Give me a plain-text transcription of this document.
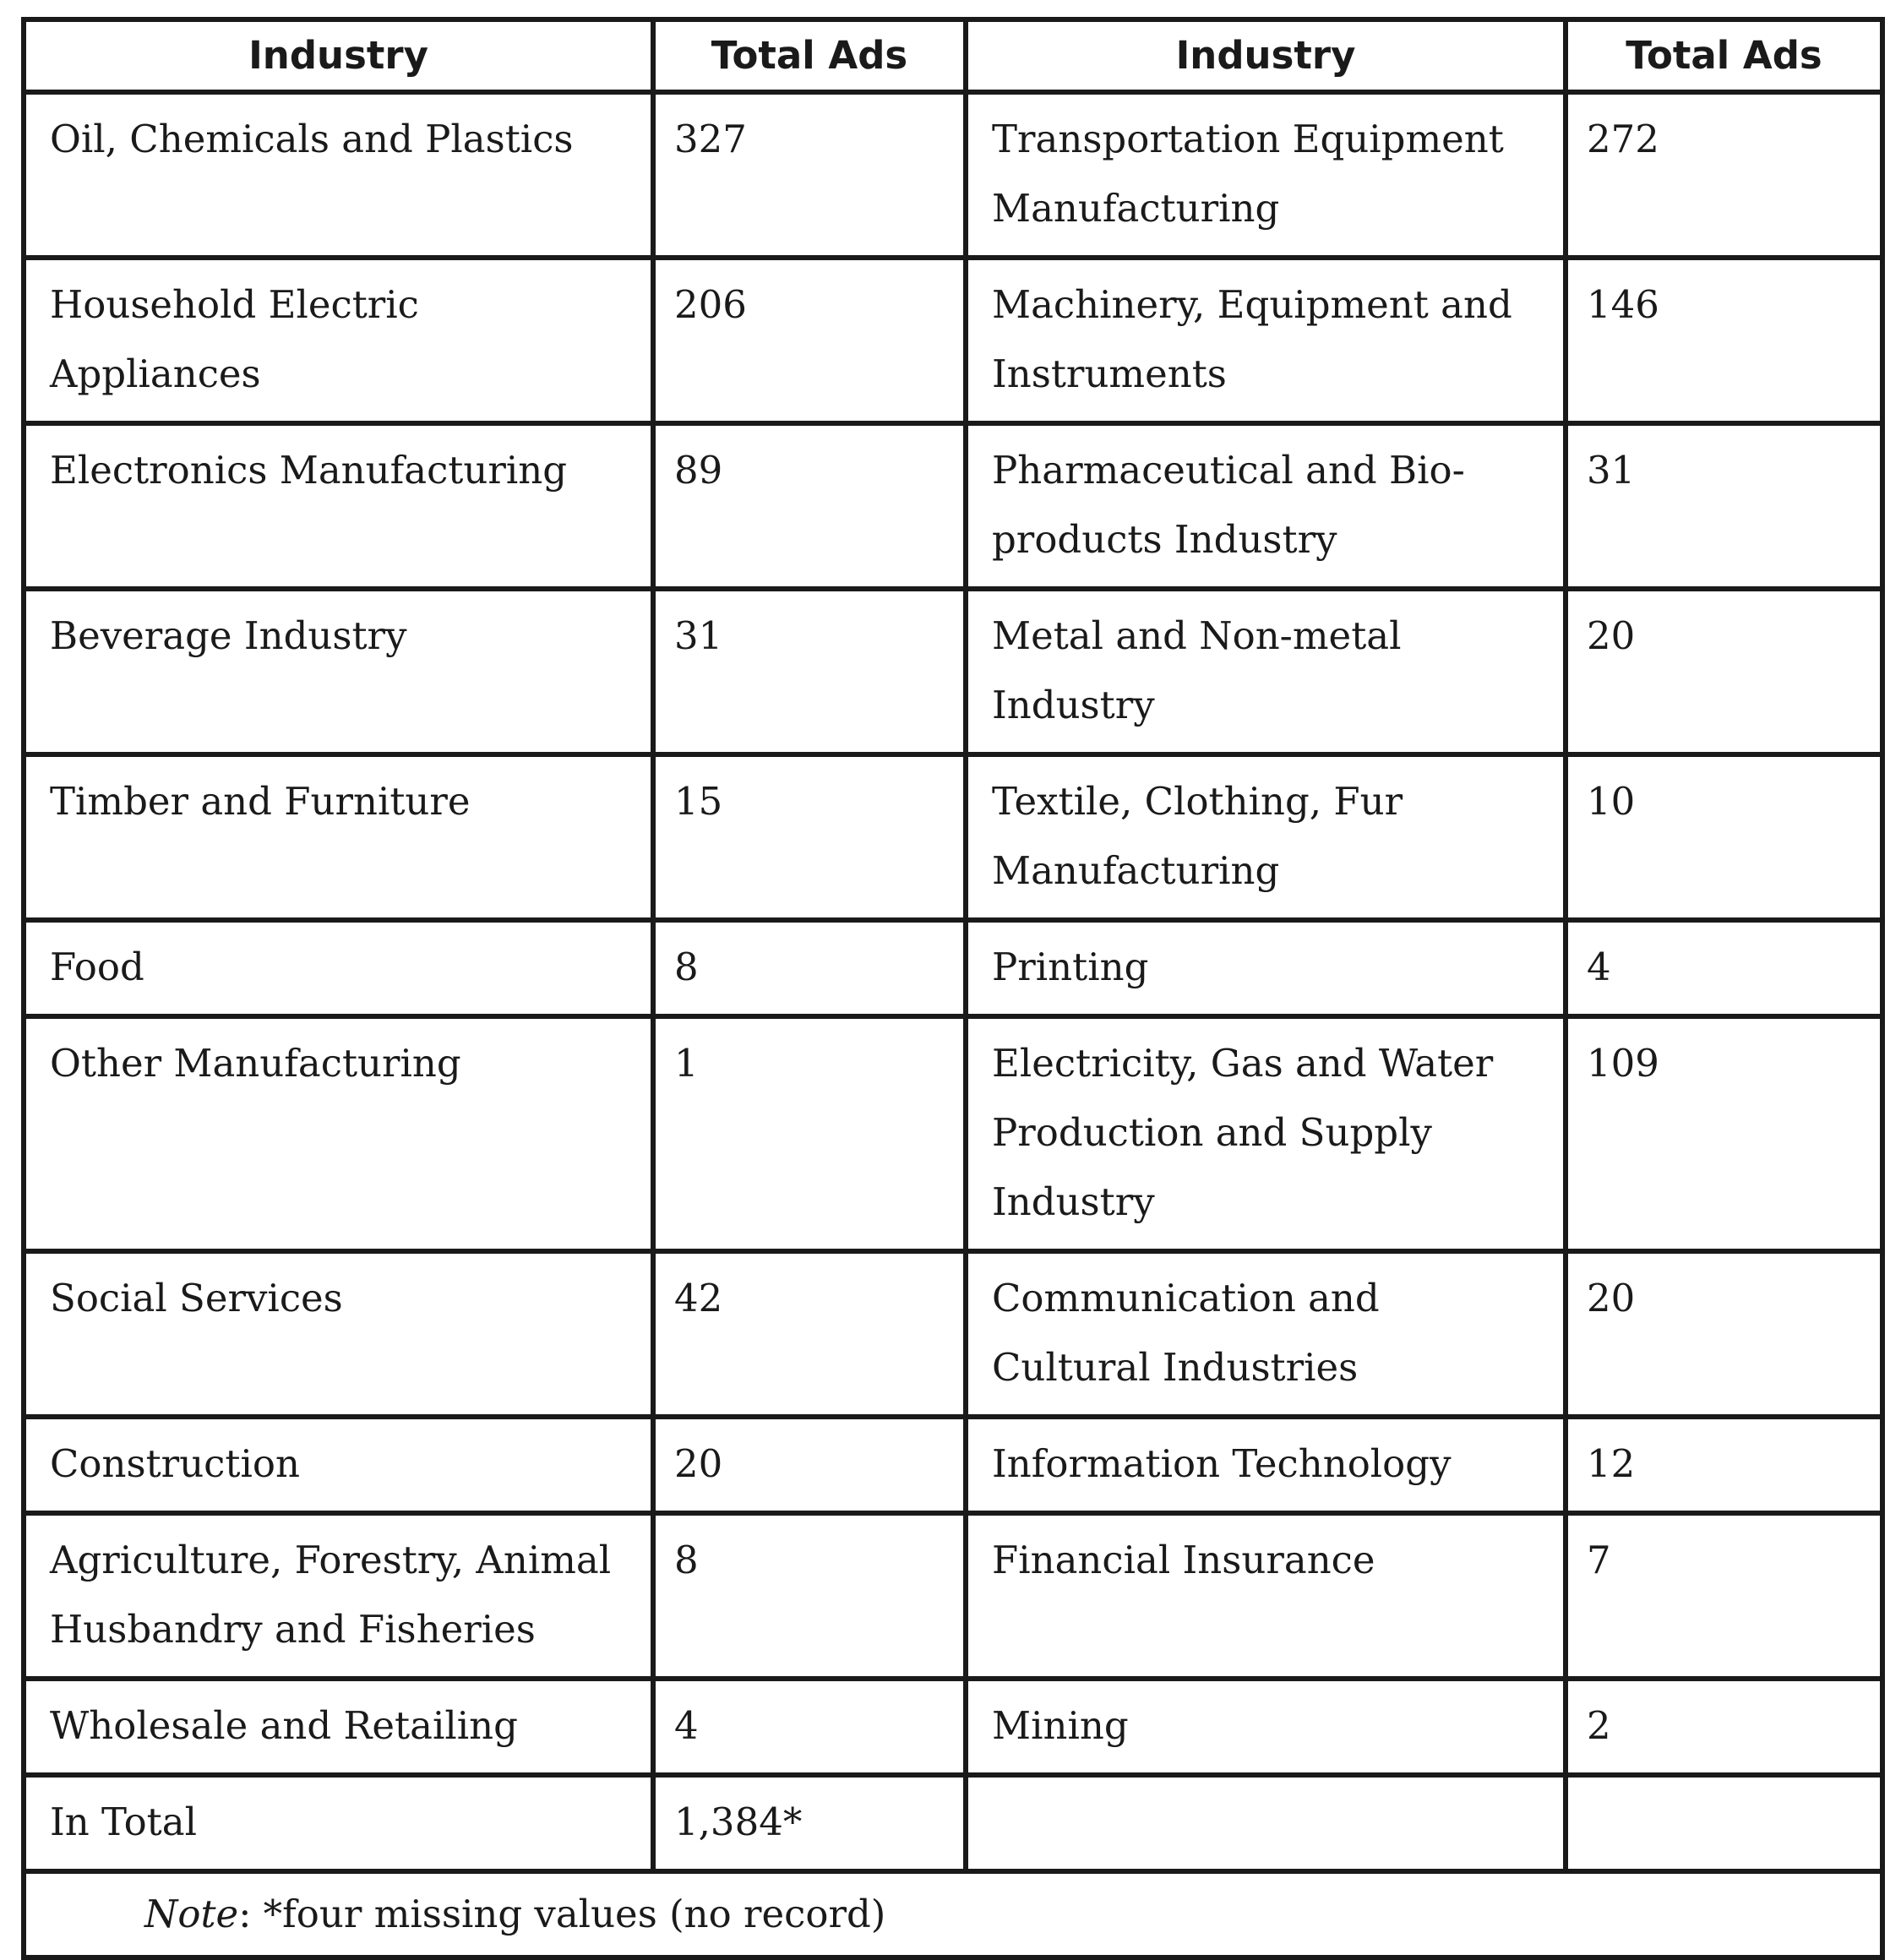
Industry	Total Ads	Industry	Total Ads
Oil, Chemicals and Plastics	327	Transportation Equipment Manufacturing	272
Household Electric Appliances	206	Machinery, Equipment and Instruments	146
Electronics Manufacturing	89	Pharmaceutical and Bio-products Industry	31
Beverage Industry	31	Metal and Non-metal Industry	20
Timber and Furniture	15	Textile, Clothing, Fur Manufacturing	10
Food	8	Printing	4
Other Manufacturing	1	Electricity, Gas and Water Production and Supply Industry	109
Social Services	42	Communication and Cultural Industries	20
Construction	20	Information Technology	12
Agriculture, Forestry, Animal Husbandry and Fisheries	8	Financial Insurance	7
Wholesale and Retailing	4	Mining	2
In Total	1,384*		
Note: *four missing values (no record)			
